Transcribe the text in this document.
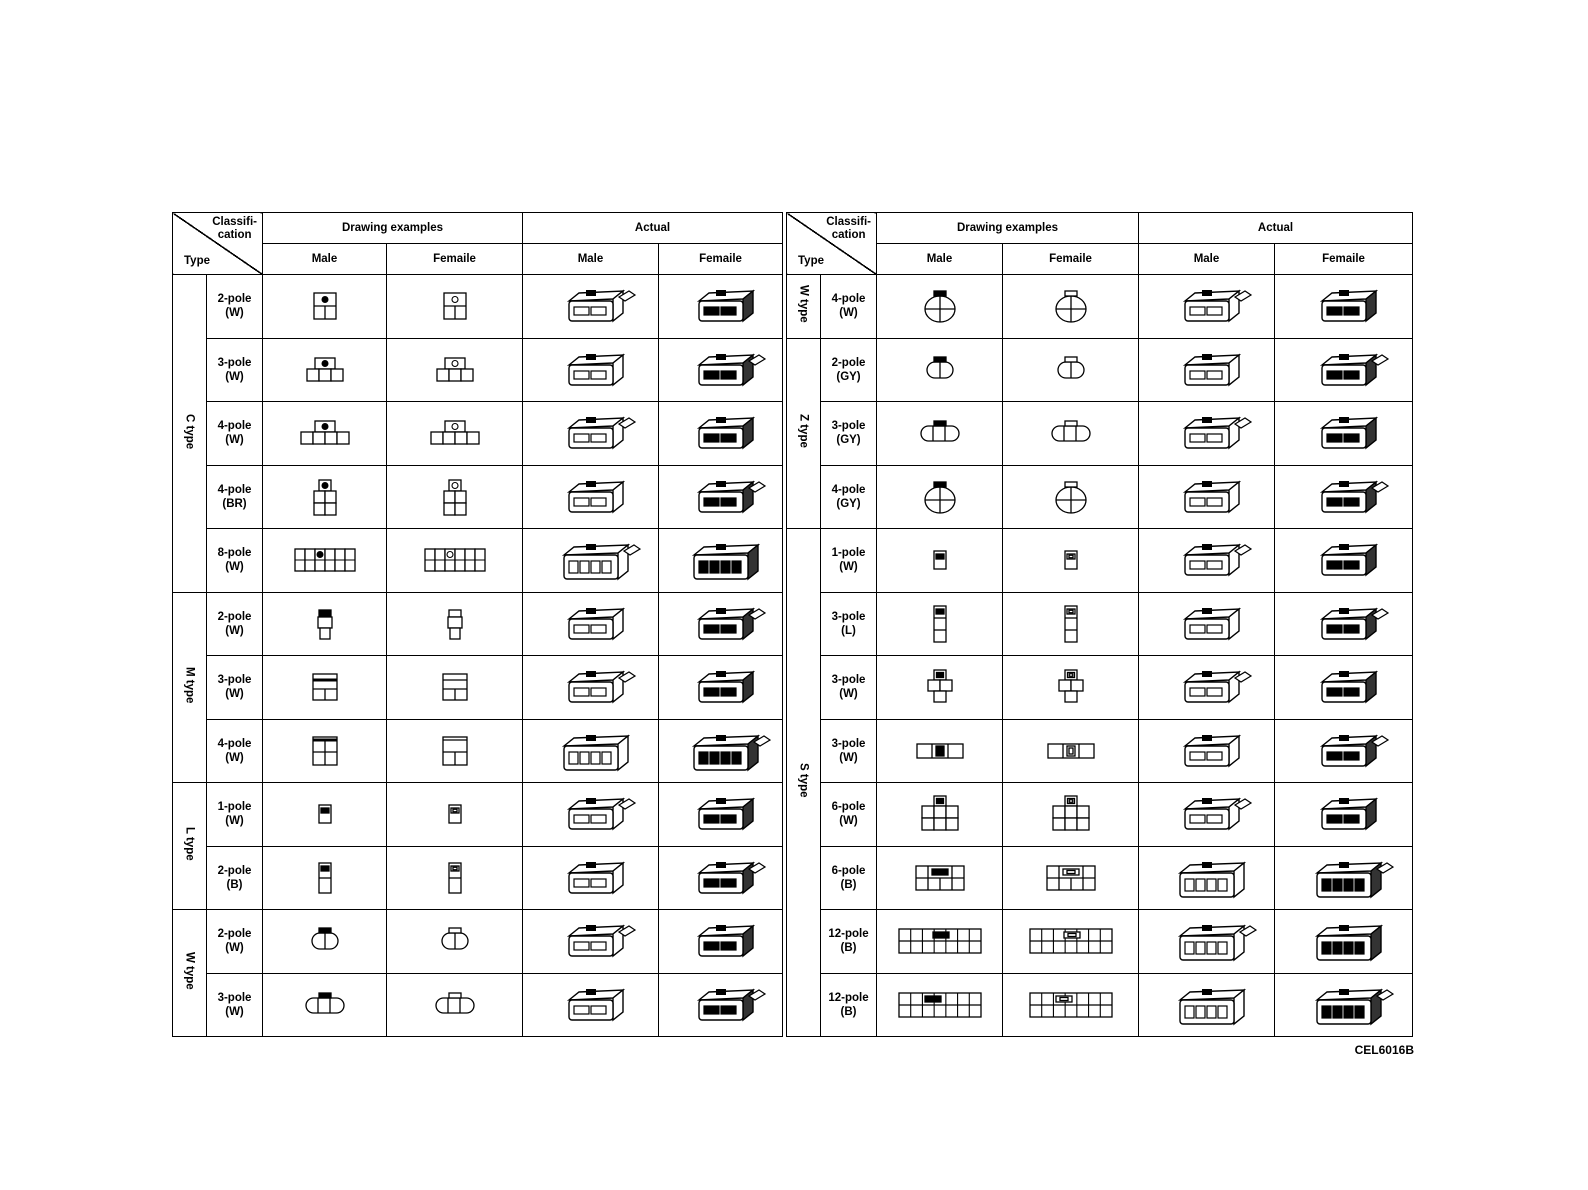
Classifi-
cation
Type		Drawing examples		Actual	
		Male	Femaile	Male	Femaile
C type	2-pole
(W)

	3-pole
(W)

	4-pole
(W)

	4-pole
(BR)

	8-pole
(W)

M type	2-pole
(W)

	3-pole
(W)

	4-pole
(W)

L type	1-pole
(W)

	2-pole
(B)

W type	2-pole
(W)

	3-pole
(W)

Classifi-
cation
Type		Drawing examples		Actual	
		Male	Femaile	Male	Femaile
W type	4-pole
(W)

Z type	2-pole
(GY)

	3-pole
(GY)

	4-pole
(GY)

S type	1-pole
(W)

	3-pole
(L)

	3-pole
(W)

	3-pole
(W)

	6-pole
(W)

	6-pole
(B)

	12-pole
(B)

	12-pole
(B)

CEL6016B
